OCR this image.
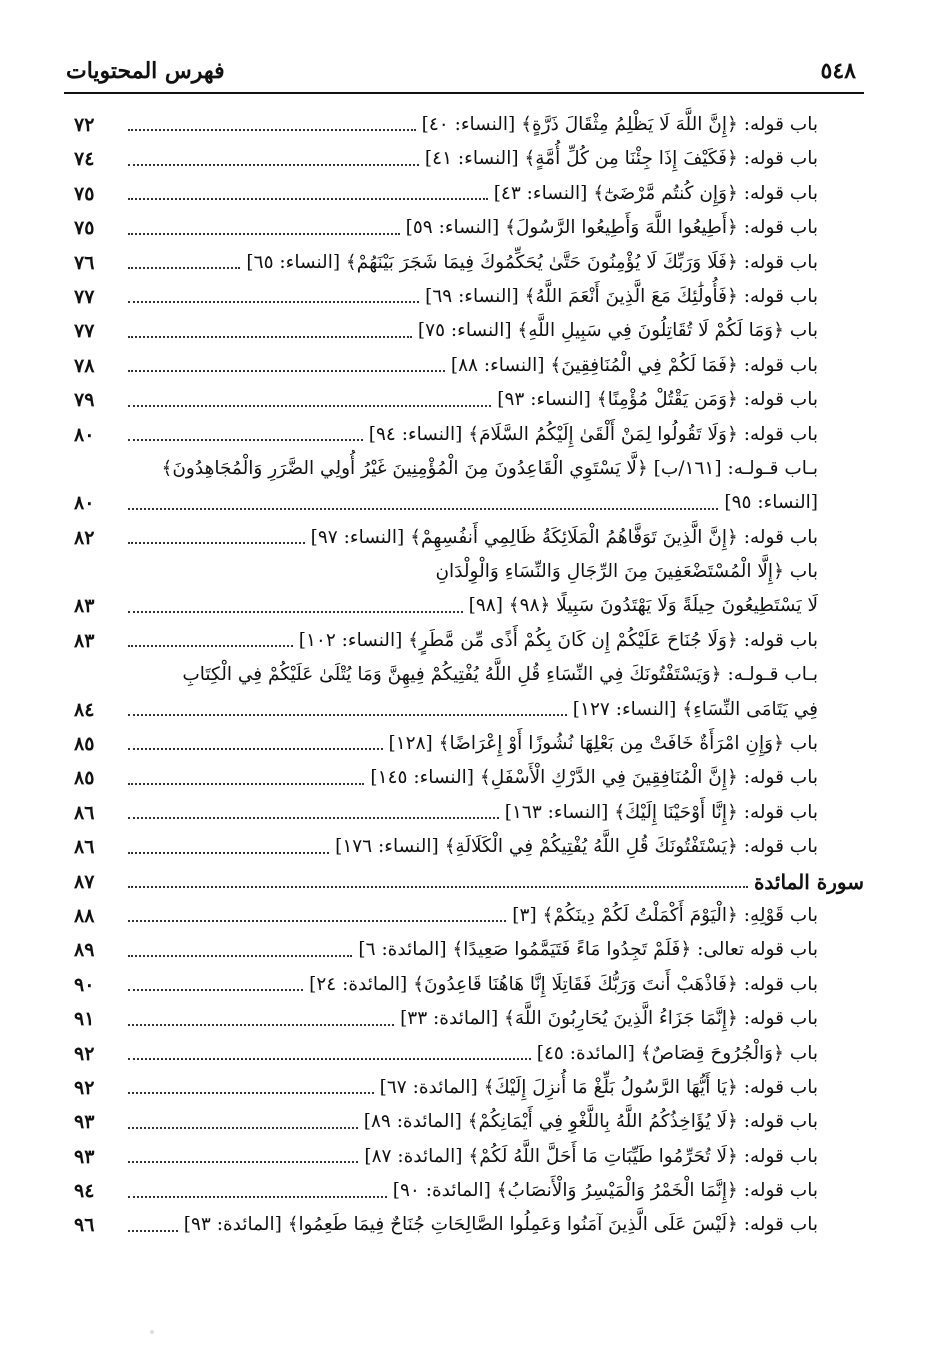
٥٤٨
فهرس المحتويات
باب قوله: ﴿إِنَّ اللَّهَ لَا يَظْلِمُ مِثْقَالَ ذَرَّةٍ﴾ [النساء: ٤٠]
٧٢
باب قوله: ﴿فَكَيْفَ إِذَا جِئْنَا مِن كُلِّ أُمَّةٍ﴾ [النساء: ٤١]
٧٤
باب قوله: ﴿وَإِن كُنتُم مَّرْضَىٰٓ﴾ [النساء: ٤٣]
٧٥
باب قوله: ﴿أَطِيعُوا اللَّهَ وَأَطِيعُوا الرَّسُولَ﴾ [النساء: ٥٩]
٧٥
باب قوله: ﴿فَلَا وَرَبِّكَ لَا يُؤْمِنُونَ حَتَّىٰ يُحَكِّمُوكَ فِيمَا شَجَرَ بَيْنَهُمْ﴾ [النساء: ٦٥]
٧٦
باب قوله: ﴿فَأُولَٰئِكَ مَعَ الَّذِينَ أَنْعَمَ اللَّهُ﴾ [النساء: ٦٩]
٧٧
باب ﴿وَمَا لَكُمْ لَا تُقَاتِلُونَ فِي سَبِيلِ اللَّهِ﴾ [النساء: ٧٥]
٧٧
باب قوله: ﴿فَمَا لَكُمْ فِي الْمُنَافِقِينَ﴾ [النساء: ٨٨]
٧٨
باب قوله: ﴿وَمَن يَقْتُلْ مُؤْمِنًا﴾ [النساء: ٩٣]
٧٩
باب قوله: ﴿وَلَا تَقُولُوا لِمَنْ أَلْقَىٰ إِلَيْكُمُ السَّلَامَ﴾ [النساء: ٩٤]
٨٠
بـاب قـولـه: [١٦١/ب] ﴿لَّا يَسْتَوِي الْقَاعِدُونَ مِنَ الْمُؤْمِنِينَ غَيْرُ أُولِي الضَّرَرِ وَالْمُجَاهِدُونَ﴾
[النساء: ٩٥]
٨٠
باب قوله: ﴿إِنَّ الَّذِينَ تَوَفَّاهُمُ الْمَلَائِكَةُ ظَالِمِي أَنفُسِهِمْ﴾ [النساء: ٩٧]
٨٢
باب ﴿إِلَّا الْمُسْتَضْعَفِينَ مِنَ الرِّجَالِ وَالنِّسَاءِ وَالْوِلْدَانِ
لَا يَسْتَطِيعُونَ حِيلَةً وَلَا يَهْتَدُونَ سَبِيلًا ﴿٩٨﴾ [٩٨]
٨٣
باب قوله: ﴿وَلَا جُنَاحَ عَلَيْكُمْ إِن كَانَ بِكُمْ أَذًى مِّن مَّطَرٍ﴾ [النساء: ١٠٢]
٨٣
بـاب قـولـه: ﴿وَيَسْتَفْتُونَكَ فِي النِّسَاءِ قُلِ اللَّهُ يُفْتِيكُمْ فِيهِنَّ وَمَا يُتْلَىٰ عَلَيْكُمْ فِي الْكِتَابِ
فِي يَتَامَى النِّسَاءِ﴾ [النساء: ١٢٧]
٨٤
باب ﴿وَإِنِ امْرَأَةٌ خَافَتْ مِن بَعْلِهَا نُشُوزًا أَوْ إِعْرَاضًا﴾ [١٢٨]
٨٥
باب قوله: ﴿إِنَّ الْمُنَافِقِينَ فِي الدَّرْكِ الْأَسْفَلِ﴾ [النساء: ١٤٥]
٨٥
باب قوله: ﴿إِنَّا أَوْحَيْنَا إِلَيْكَ﴾ [النساء: ١٦٣]
٨٦
باب قوله: ﴿يَسْتَفْتُونَكَ قُلِ اللَّهُ يُفْتِيكُمْ فِي الْكَلَالَةِ﴾ [النساء: ١٧٦]
٨٦
سورة المائدة
٨٧
باب قَوْلِهِ: ﴿الْيَوْمَ أَكْمَلْتُ لَكُمْ دِينَكُمْ﴾ [٣]
٨٨
باب قوله تعالى: ﴿فَلَمْ تَجِدُوا مَاءً فَتَيَمَّمُوا صَعِيدًا﴾ [المائدة: ٦]
٨٩
باب قوله: ﴿فَاذْهَبْ أَنتَ وَرَبُّكَ فَقَاتِلَا إِنَّا هَاهُنَا قَاعِدُونَ﴾ [المائدة: ٢٤]
٩٠
باب قوله: ﴿إِنَّمَا جَزَاءُ الَّذِينَ يُحَارِبُونَ اللَّهَ﴾ [المائدة: ٣٣]
٩١
باب ﴿وَالْجُرُوحَ قِصَاصٌ﴾ [المائدة: ٤٥]
٩٢
باب قوله: ﴿يَا أَيُّهَا الرَّسُولُ بَلِّغْ مَا أُنزِلَ إِلَيْكَ﴾ [المائدة: ٦٧]
٩٢
باب قوله: ﴿لَا يُؤَاخِذُكُمُ اللَّهُ بِاللَّغْوِ فِي أَيْمَانِكُمْ﴾ [المائدة: ٨٩]
٩٣
باب قوله: ﴿لَا تُحَرِّمُوا طَيِّبَاتِ مَا أَحَلَّ اللَّهُ لَكُمْ﴾ [المائدة: ٨٧]
٩٣
باب قوله: ﴿إِنَّمَا الْخَمْرُ وَالْمَيْسِرُ وَالْأَنصَابُ﴾ [المائدة: ٩٠]
٩٤
باب قوله: ﴿لَيْسَ عَلَى الَّذِينَ آمَنُوا وَعَمِلُوا الصَّالِحَاتِ جُنَاحٌ فِيمَا طَعِمُوا﴾ [المائدة: ٩٣]
٩٦
